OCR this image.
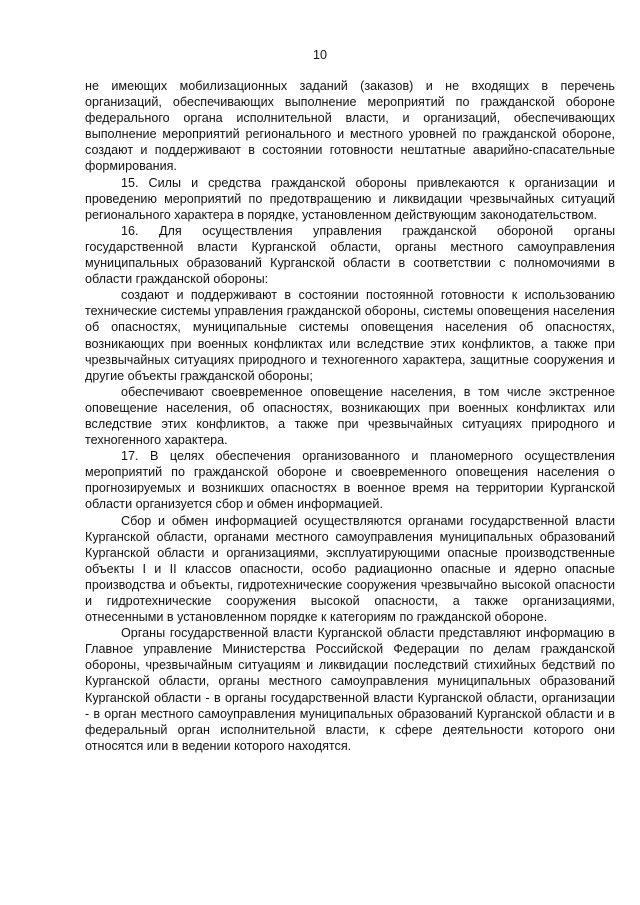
10

не имеющих мобилизационных заданий (заказов) и не входящих в перечень организаций, обеспечивающих выполнение мероприятий по гражданской обороне федерального органа исполнительной власти, и организаций, обеспечивающих выполнение мероприятий регионального и местного уровней по гражданской обороне, создают и поддерживают в состоянии готовности нештатные аварийно-спасательные формирования.

15. Силы и средства гражданской обороны привлекаются к организации и проведению мероприятий по предотвращению и ликвидации чрезвычайных ситуаций регионального характера в порядке, установленном действующим законодательством.

16. Для осуществления управления гражданской обороной органы государственной власти Курганской области, органы местного самоуправления муниципальных образований Курганской области в соответствии с полномочиями в области гражданской обороны:

создают и поддерживают в состоянии постоянной готовности к использованию технические системы управления гражданской обороны, системы оповещения населения об опасностях, муниципальные системы оповещения населения об опасностях, возникающих при военных конфликтах или вследствие этих конфликтов, а также при чрезвычайных ситуациях природного и техногенного характера, защитные сооружения и другие объекты гражданской обороны;

обеспечивают своевременное оповещение населения, в том числе экстренное оповещение населения, об опасностях, возникающих при военных конфликтах или вследствие этих конфликтов, а также при чрезвычайных ситуациях природного и техногенного характера.

17. В целях обеспечения организованного и планомерного осуществления мероприятий по гражданской обороне и своевременного оповещения населения о прогнозируемых и возникших опасностях в военное время на территории Курганской области организуется сбор и обмен информацией.

Сбор и обмен информацией осуществляются органами государственной власти Курганской области, органами местного самоуправления муниципальных образований Курганской области и организациями, эксплуатирующими опасные производственные объекты I и II классов опасности, особо радиационно опасные и ядерно опасные производства и объекты, гидротехнические сооружения чрезвычайно высокой опасности и гидротехнические сооружения высокой опасности, а также организациями, отнесенными в установленном порядке к категориям по гражданской обороне.

Органы государственной власти Курганской области представляют информацию в Главное управление Министерства Российской Федерации по делам гражданской обороны, чрезвычайным ситуациям и ликвидации последствий стихийных бедствий по Курганской области, органы местного самоуправления муниципальных образований Курганской области - в органы государственной власти Курганской области, организации - в орган местного самоуправления муниципальных образований Курганской области и в федеральный орган исполнительной власти, к сфере деятельности которого они относятся или в ведении которого находятся.
